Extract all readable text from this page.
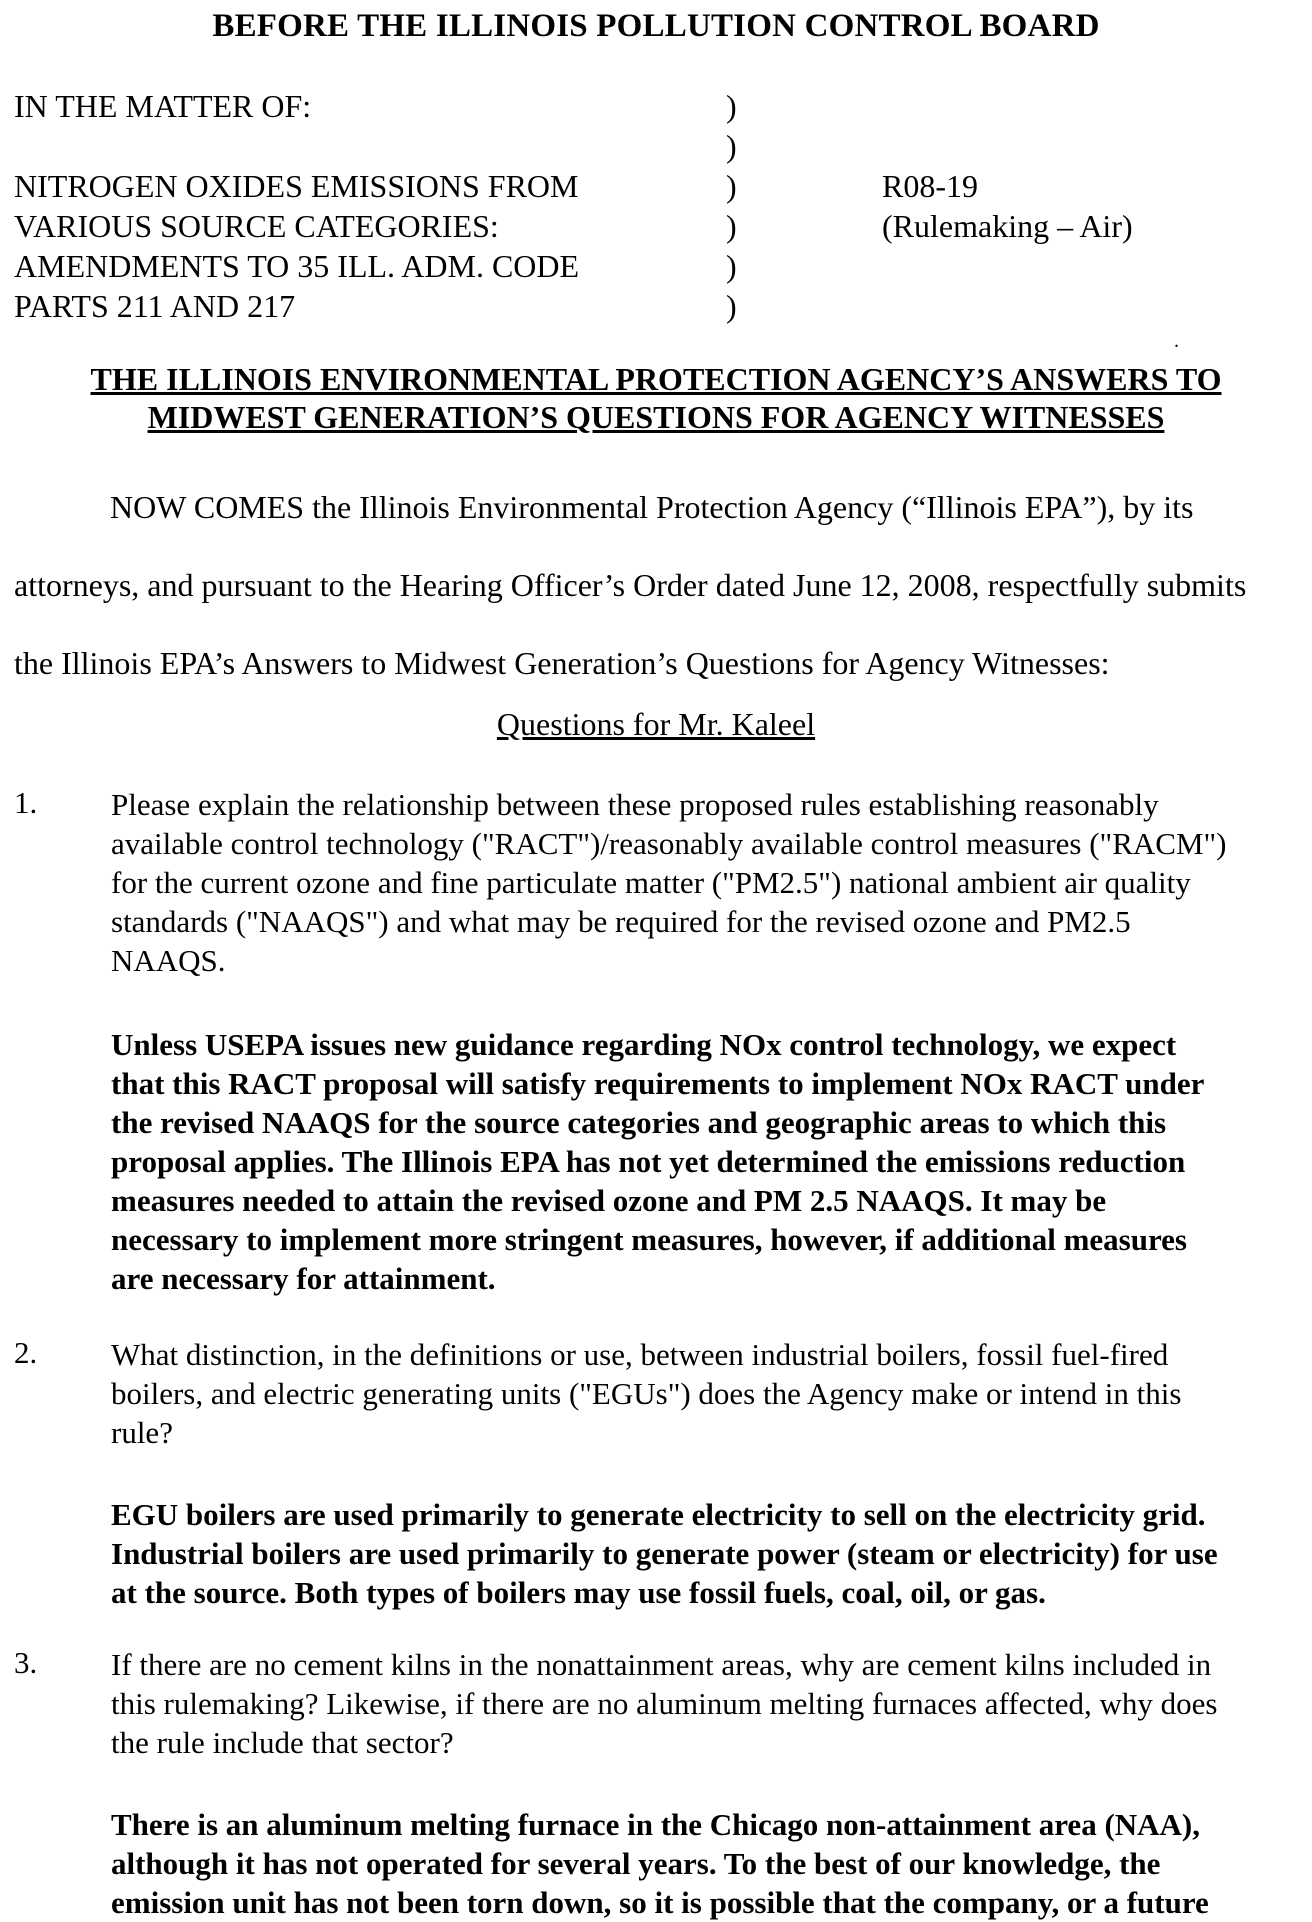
BEFORE THE ILLINOIS POLLUTION CONTROL BOARD
IN THE MATTER OF:
NITROGEN OXIDES EMISSIONS FROM
VARIOUS SOURCE CATEGORIES:
AMENDMENTS TO 35 ILL. ADM. CODE
PARTS 211 AND 217
)
)
)
)
)
)
R08-19
(Rulemaking – Air)
.
THE ILLINOIS ENVIRONMENTAL PROTECTION AGENCY’S ANSWERS TO
MIDWEST GENERATION’S QUESTIONS FOR AGENCY WITNESSES
NOW COMES the Illinois Environmental Protection Agency (“Illinois EPA”), by its
attorneys, and pursuant to the Hearing Officer’s Order dated June 12, 2008, respectfully submits
the Illinois EPA’s Answers to Midwest Generation’s Questions for Agency Witnesses:
Questions for Mr. Kaleel
1. Please explain the relationship between these proposed rules establishing reasonably
available control technology ("RACT")/reasonably available control measures ("RACM")
for the current ozone and fine particulate matter ("PM2.5") national ambient air quality
standards ("NAAQS") and what may be required for the revised ozone and PM2.5
NAAQS.
Unless USEPA issues new guidance regarding NOx control technology, we expect
that this RACT proposal will satisfy requirements to implement NOx RACT under
the revised NAAQS for the source categories and geographic areas to which this
proposal applies. The Illinois EPA has not yet determined the emissions reduction
measures needed to attain the revised ozone and PM 2.5 NAAQS. It may be
necessary to implement more stringent measures, however, if additional measures
are necessary for attainment.
2. What distinction, in the definitions or use, between industrial boilers, fossil fuel-fired
boilers, and electric generating units ("EGUs") does the Agency make or intend in this
rule?
EGU boilers are used primarily to generate electricity to sell on the electricity grid.
Industrial boilers are used primarily to generate power (steam or electricity) for use
at the source. Both types of boilers may use fossil fuels, coal, oil, or gas.
3. If there are no cement kilns in the nonattainment areas, why are cement kilns included in
this rulemaking? Likewise, if there are no aluminum melting furnaces affected, why does
the rule include that sector?
There is an aluminum melting furnace in the Chicago non-attainment area (NAA),
although it has not operated for several years. To the best of our knowledge, the
emission unit has not been torn down, so it is possible that the company, or a future
